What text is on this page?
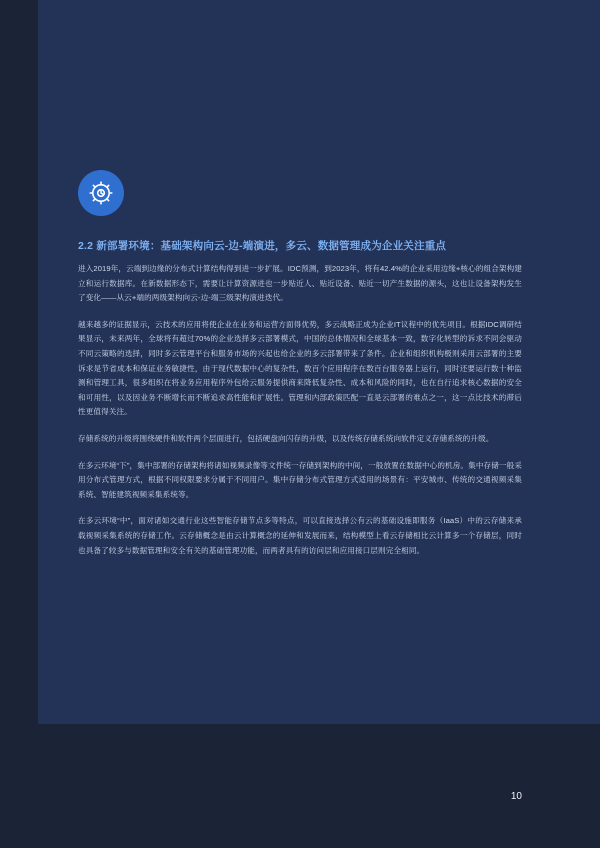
2.2 新部署环境：基础架构向云-边-端演进，多云、数据管理成为企业关注重点

进入2019年，云端到边缘的分布式计算结构得到进一步扩展。IDC预测，到2023年，将有42.4%的企业采用边缘+核心的组合架构建立和运行数据库。在新数据形态下，需要让计算资源进也一步贴近人、贴近设备、贴近一切产生数据的源头，这也让设备架构发生了变化——从云+端的两级架构向云-边-端三级架构演进迭代。

越来越多的证据显示，云技术的应用将使企业在业务和运营方面得优势，多云战略正成为企业IT议程中的优先项目。根据IDC调研结果显示，未来两年，全球将有超过70%的企业选择多云部署模式，中国的总体情况和全球基本一致，数字化转型的诉求不同会驱动不同云策略的选择，同时多云管理平台和服务市场的兴起也给企业的多云部署带来了条件。企业和组织机构极则采用云部署的主要诉求是节省成本和保证业务敏捷性，由于现代数据中心的复杂性，数百个应用程序在数百台服务器上运行，同时还要运行数十种监测和管理工具，很多组织在将业务应用程序外包给云服务提供商来降低复杂性、成本和风险的同时，也在自行追求核心数据的安全和可用性，以及因业务不断增长而不断追求高性能和扩展性。管理和内部政策匹配一直是云部署的难点之一，这一点比技术的滞后性更值得关注。

存储系统的升级将围绕硬件和软件两个层面进行，包括硬盘向闪存的升级，以及传统存储系统向软件定义存储系统的升级。

在多云环境“下”，集中部署的存储架构将诸如视频录像等文件统一存储到架构的中间，一般放置在数据中心的机房。集中存储一般采用分布式管理方式，根据不同权限要求分属于不同用户。集中存储分布式管理方式适用的场景有：平安城市、传统的交通视频采集系统、智能建筑视频采集系统等。

在多云环境“中”，面对诸如交通行业这些智能存储节点多等特点，可以直接选择公有云的基础设施即服务（IaaS）中的云存储来承载视频采集系统的存储工作。云存储概念是由云计算概念的延伸和发展而来，结构模型上看云存储相比云计算多一个存储层，同时也具备了较多与数据管理和安全有关的基础管理功能，而两者具有的访问层和应用接口层则完全相同。

10
